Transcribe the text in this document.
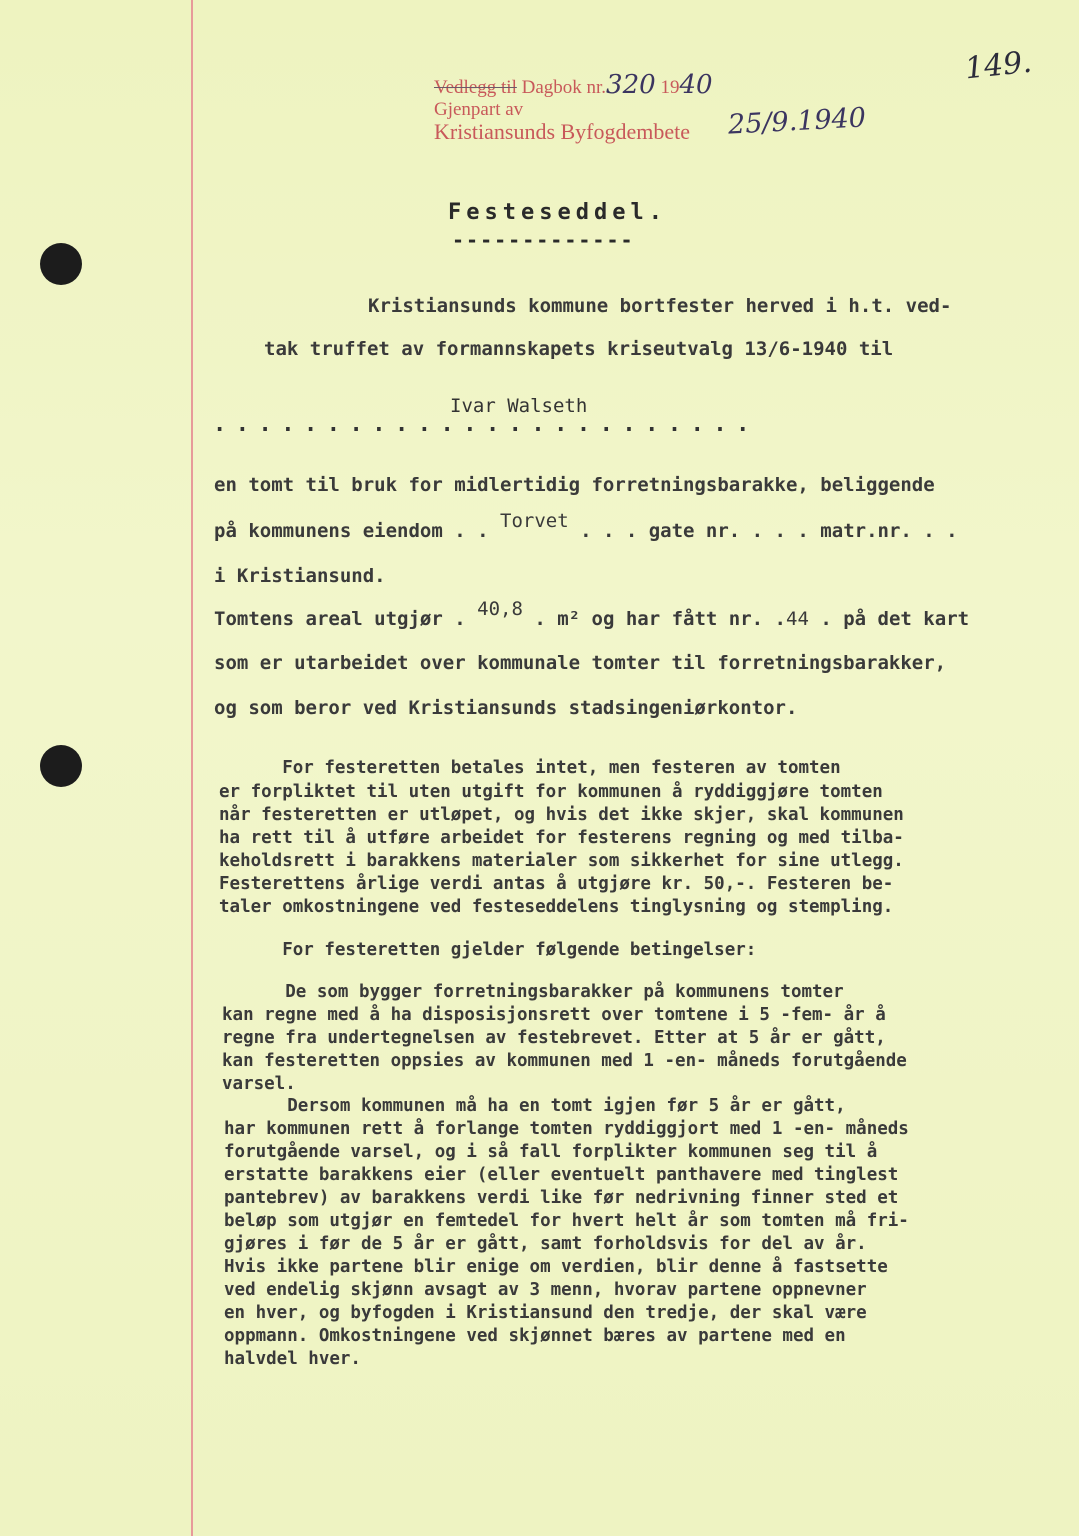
149.
Vedlegg til Dagbok nr.320 1940
Gjenpart av
Kristiansunds Byfogdembete	25/9.1940
Festeseddel.
-------------
Kristiansunds kommune bortfester herved i h.t. ved-
tak truffet av formannskapets kriseutvalg 13/6-1940 til
Ivar Walseth
........................
en tomt til bruk for midlertidig forretningsbarakke, beliggende
på kommunens eiendom . . Torvet . . . gate nr. . . . matr.nr. . .
i Kristiansund.
Tomtens areal utgjør . 40,8 . m² og har fått nr. .44 . på det kart
som er utarbeidet over kommunale tomter til forretningsbarakker,
og som beror ved Kristiansunds stadsingeniørkontor.
For festeretten betales intet, men festeren av tomten
er forpliktet til uten utgift for kommunen å ryddiggjøre tomten
når festeretten er utløpet, og hvis det ikke skjer, skal kommunen
ha rett til å utføre arbeidet for festerens regning og med tilba-
keholdsrett i barakkens materialer som sikkerhet for sine utlegg.
Festerettens årlige verdi antas å utgjøre kr. 50,-. Festeren be-
taler omkostningene ved festeseddelens tinglysning og stempling.
For festeretten gjelder følgende betingelser:
De som bygger forretningsbarakker på kommunens tomter
kan regne med å ha disposisjonsrett over tomtene i 5 -fem- år å
regne fra undertegnelsen av festebrevet. Etter at 5 år er gått,
kan festeretten oppsies av kommunen med 1 -en- måneds forutgående
varsel.
Dersom kommunen må ha en tomt igjen før 5 år er gått,
har kommunen rett å forlange tomten ryddiggjort med 1 -en- måneds
forutgående varsel, og i så fall forplikter kommunen seg til å
erstatte barakkens eier (eller eventuelt panthavere med tinglest
pantebrev) av barakkens verdi like før nedrivning finner sted et
beløp som utgjør en femtedel for hvert helt år som tomten må fri-
gjøres i før de 5 år er gått, samt forholdsvis for del av år.
Hvis ikke partene blir enige om verdien, blir denne å fastsette
ved endelig skjønn avsagt av 3 menn, hvorav partene oppnevner
en hver, og byfogden i Kristiansund den tredje, der skal være
oppmann. Omkostningene ved skjønnet bæres av partene med en
halvdel hver.
